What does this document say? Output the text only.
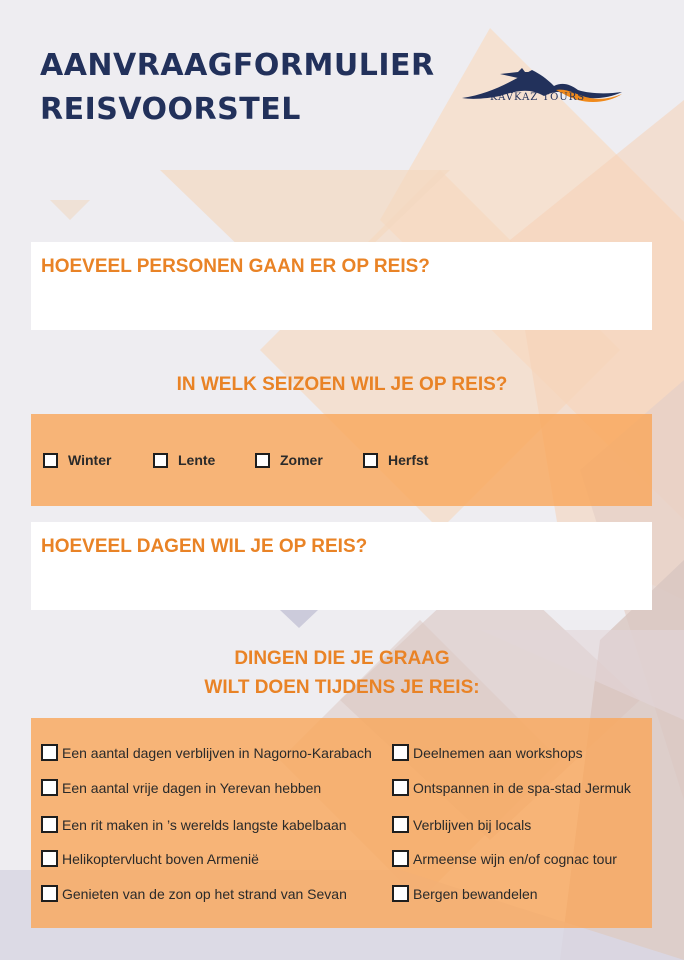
AANVRAAGFORMULIER
REISVOORSTEL	KAVKAZ TOURS

HOEVEEL PERSONEN GAAN ER OP REIS?

IN WELK SEIZOEN WIL JE OP REIS?

Winter	Lente	Zomer	Herfst

HOEVEEL DAGEN WIL JE OP REIS?

DINGEN DIE JE GRAAG
WILT DOEN TIJDENS JE REIS:
Een aantal dagen verblijven in Nagorno-Karabach
Een aantal vrije dagen in Yerevan hebben
Een rit maken in ’s werelds langste kabelbaan
Helikoptervlucht boven Armenië
Genieten van de zon op het strand van Sevan
Deelnemen aan workshops
Ontspannen in de spa-stad Jermuk
Verblijven bij locals
Armeense wijn en/of cognac tour
Bergen bewandelen
